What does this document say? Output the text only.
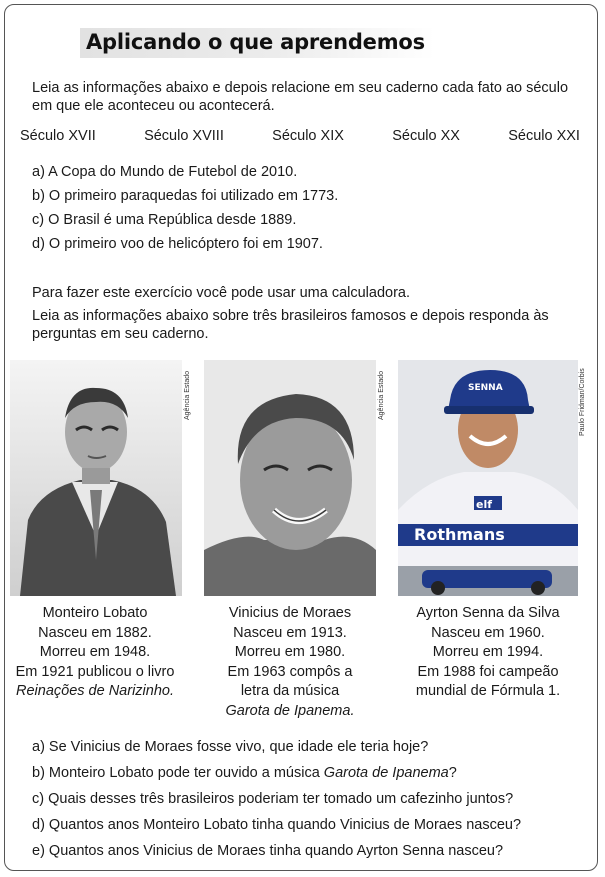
Aplicando o que aprendemos
Leia as informações abaixo e depois relacione em seu caderno cada fato ao século
em que ele aconteceu ou acontecerá.
Século XVII	Século XVIII	Século XIX	Século XX	Século XXI
a) A Copa do Mundo de Futebol de 2010.
b) O primeiro paraquedas foi utilizado em 1773.
c) O Brasil é uma República desde 1889.
d) O primeiro voo de helicóptero foi em 1907.
Para fazer este exercício você pode usar uma calculadora.
Leia as informações abaixo sobre três brasileiros famosos e depois responda às
perguntas em seu caderno.
Agência Estado	Agência Estado
Rothmans
elf
SENNA	Paulo Fridman/Corbis
Monteiro Lobato
Nasceu em 1882.
Morreu em 1948.
Em 1921 publicou o livro
Reinações de Narizinho.
Vinicius de Moraes
Nasceu em 1913.
Morreu em 1980.
Em 1963 compôs a
letra da música
Garota de Ipanema.
Ayrton Senna da Silva
Nasceu em 1960.
Morreu em 1994.
Em 1988 foi campeão
mundial de Fórmula 1.
a) Se Vinicius de Moraes fosse vivo, que idade ele teria hoje?
b) Monteiro Lobato pode ter ouvido a música Garota de Ipanema?
c) Quais desses três brasileiros poderiam ter tomado um cafezinho juntos?
d) Quantos anos Monteiro Lobato tinha quando Vinicius de Moraes nasceu?
e) Quantos anos Vinicius de Moraes tinha quando Ayrton Senna nasceu?
